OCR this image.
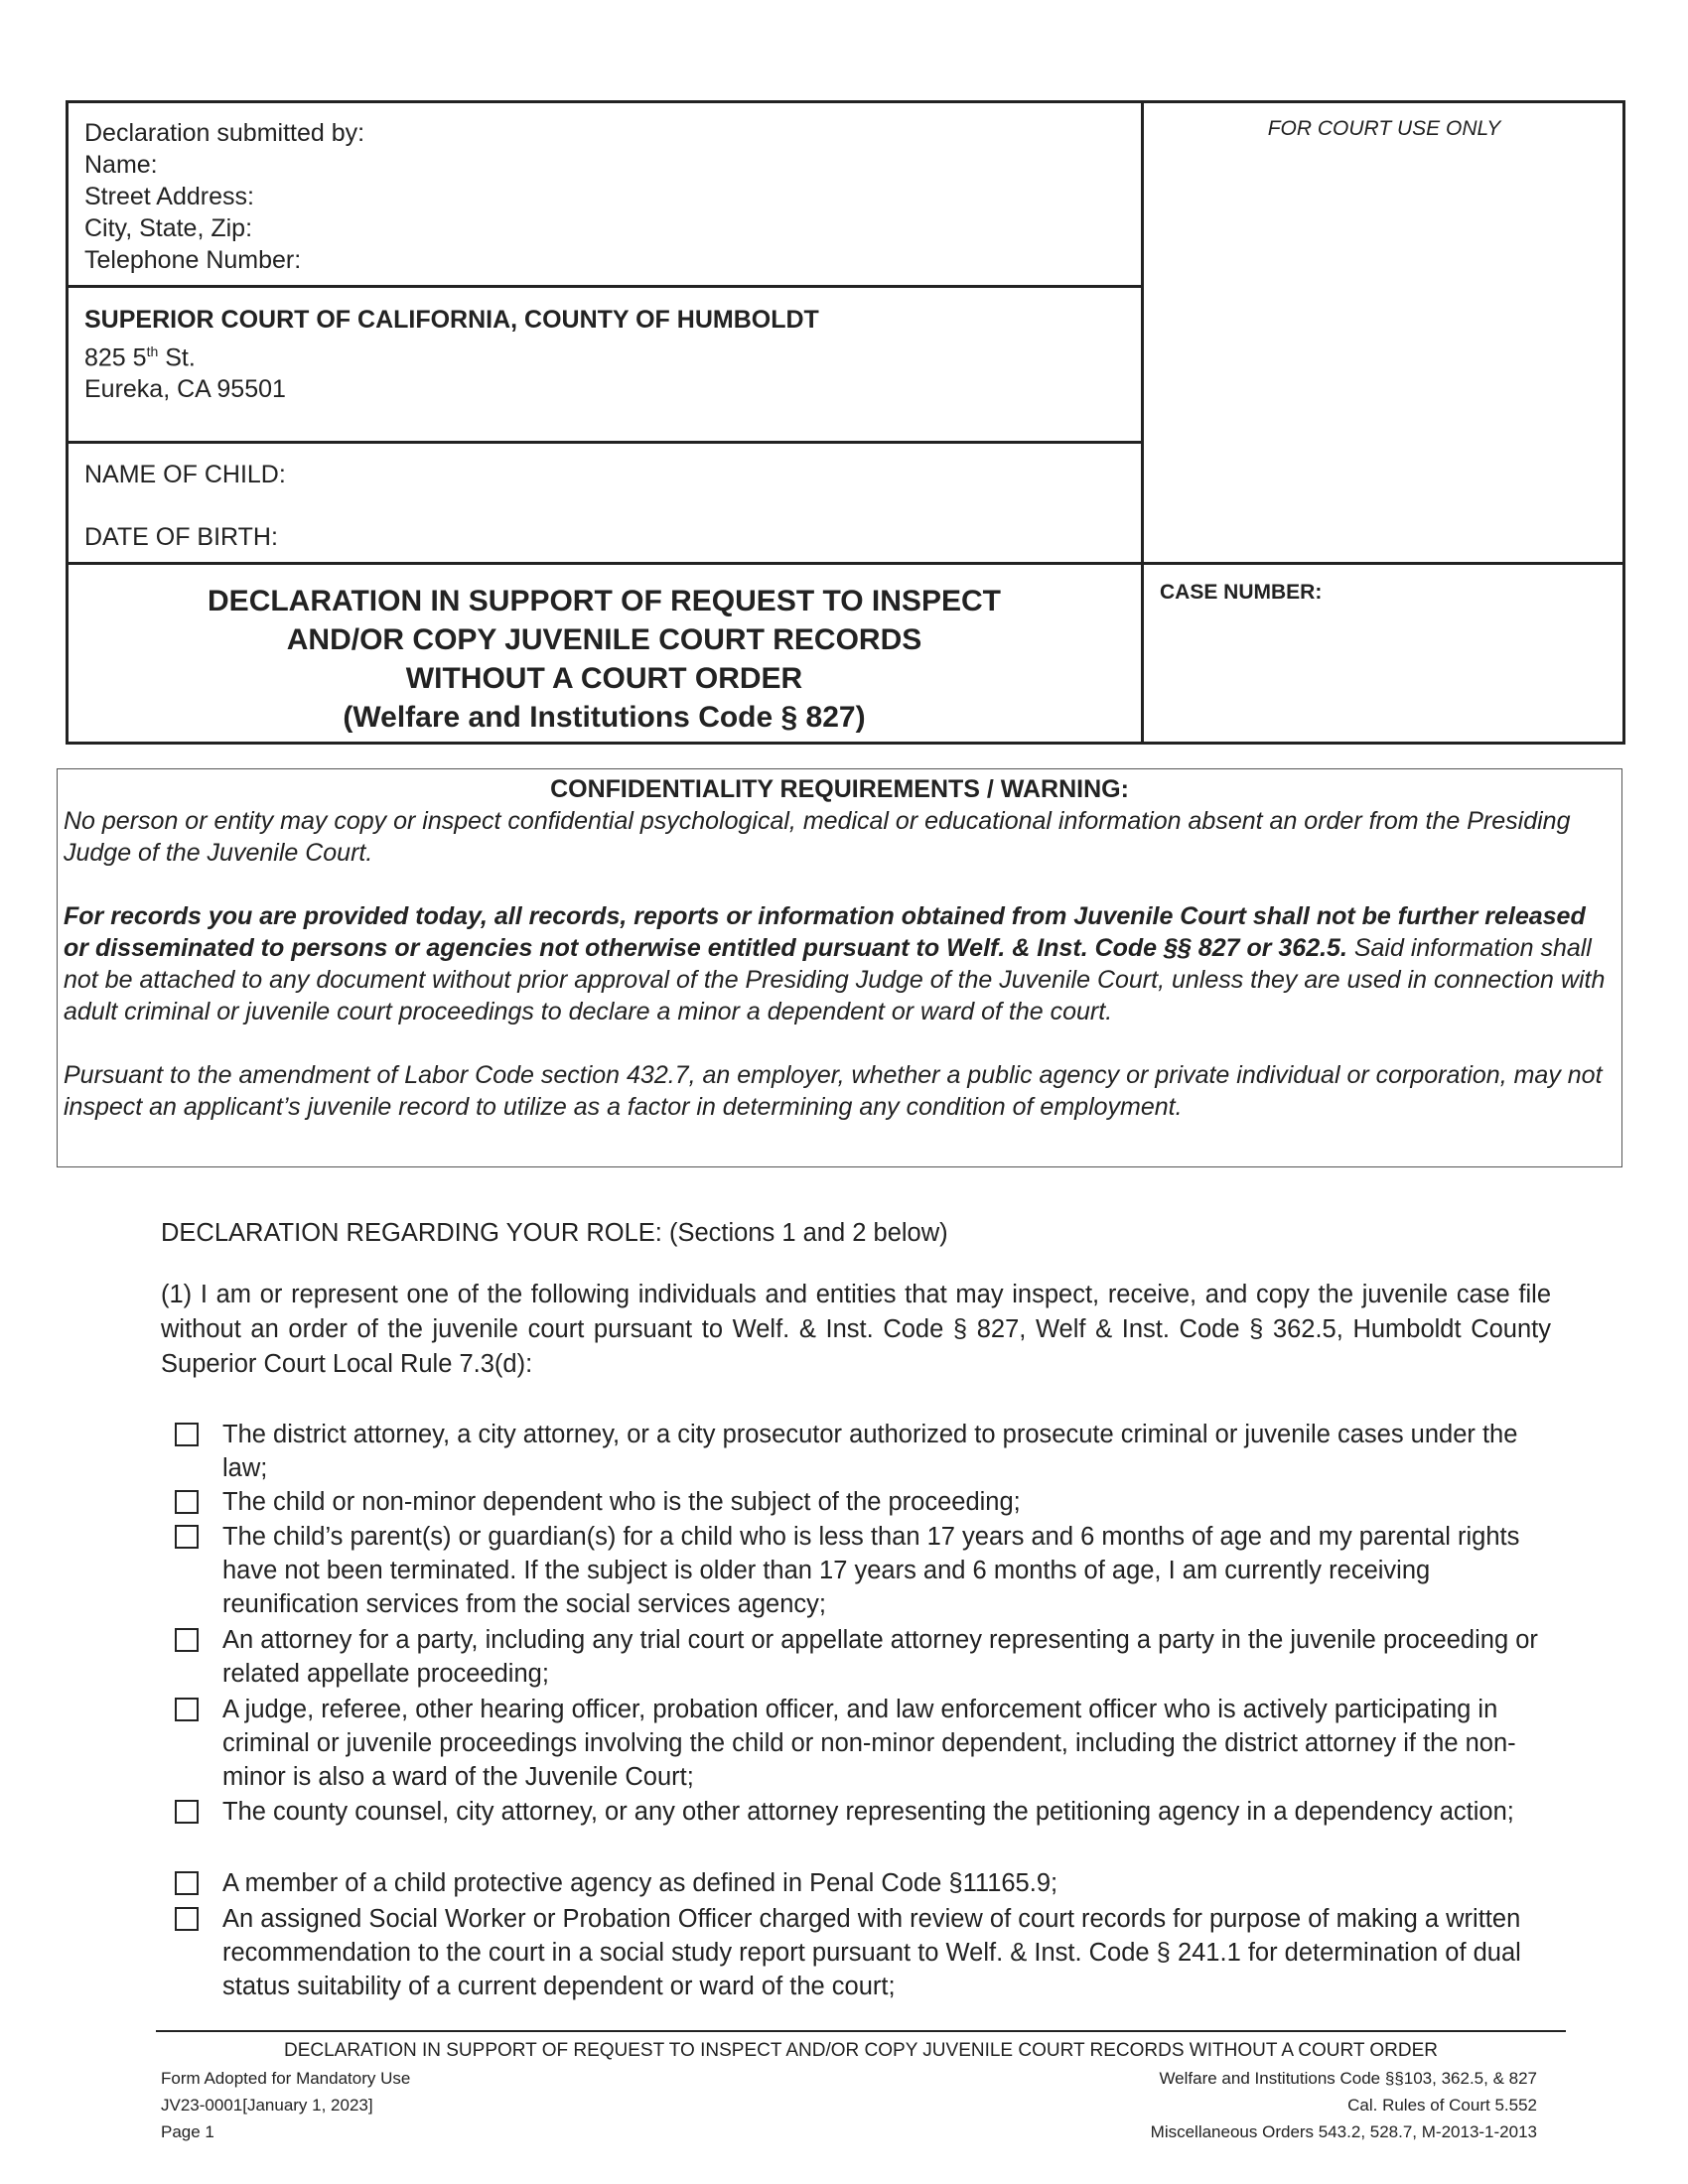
Declaration submitted by:
Name:
Street Address:
City, State, Zip:
Telephone Number:
FOR COURT USE ONLY
SUPERIOR COURT OF CALIFORNIA, COUNTY OF HUMBOLDT
825 5th St.
Eureka, CA 95501
NAME OF CHILD:
DATE OF BIRTH:
DECLARATION IN SUPPORT OF REQUEST TO INSPECT
AND/OR COPY JUVENILE COURT RECORDS
WITHOUT A COURT ORDER
(Welfare and Institutions Code § 827)
CASE NUMBER:
CONFIDENTIALITY REQUIREMENTS / WARNING:

No person or entity may copy or inspect confidential psychological, medical or educational information absent an order from the Presiding Judge of the Juvenile Court.

For records you are provided today, all records, reports or information obtained from Juvenile Court shall not be further released or disseminated to persons or agencies not otherwise entitled pursuant to Welf. & Inst. Code §§ 827 or 362.5. Said information shall not be attached to any document without prior approval of the Presiding Judge of the Juvenile Court, unless they are used in connection with adult criminal or juvenile court proceedings to declare a minor a dependent or ward of the court.

Pursuant to the amendment of Labor Code section 432.7, an employer, whether a public agency or private individual or corporation, may not inspect an applicant’s juvenile record to utilize as a factor in determining any condition of employment.

DECLARATION REGARDING YOUR ROLE: (Sections 1 and 2 below)
(1) I am or represent one of the following individuals and entities that may inspect, receive, and copy the juvenile case file without an order of the juvenile court pursuant to Welf. & Inst. Code § 827, Welf & Inst. Code § 362.5, Humboldt County Superior Court Local Rule 7.3(d):
The district attorney, a city attorney, or a city prosecutor authorized to prosecute criminal or juvenile cases under the law;
The child or non-minor dependent who is the subject of the proceeding;
The child’s parent(s) or guardian(s) for a child who is less than 17 years and 6 months of age and my parental rights have not been terminated. If the subject is older than 17 years and 6 months of age, I am currently receiving reunification services from the social services agency;
An attorney for a party, including any trial court or appellate attorney representing a party in the juvenile proceeding or related appellate proceeding;
A judge, referee, other hearing officer, probation officer, and law enforcement officer who is actively participating in criminal or juvenile proceedings involving the child or non-minor dependent, including the district attorney if the non-minor is also a ward of the Juvenile Court;
The county counsel, city attorney, or any other attorney representing the petitioning agency in a dependency action;
A member of a child protective agency as defined in Penal Code §11165.9;
An assigned Social Worker or Probation Officer charged with review of court records for purpose of making a written recommendation to the court in a social study report pursuant to Welf. & Inst. Code § 241.1 for determination of dual status suitability of a current dependent or ward of the court;
DECLARATION IN SUPPORT OF REQUEST TO INSPECT AND/OR COPY JUVENILE COURT RECORDS WITHOUT A COURT ORDER
Form Adopted for Mandatory Use
JV23-0001[January 1, 2023]
Page 1
Welfare and Institutions Code §§103, 362.5, & 827
Cal. Rules of Court 5.552
Miscellaneous Orders 543.2, 528.7, M-2013-1-2013
